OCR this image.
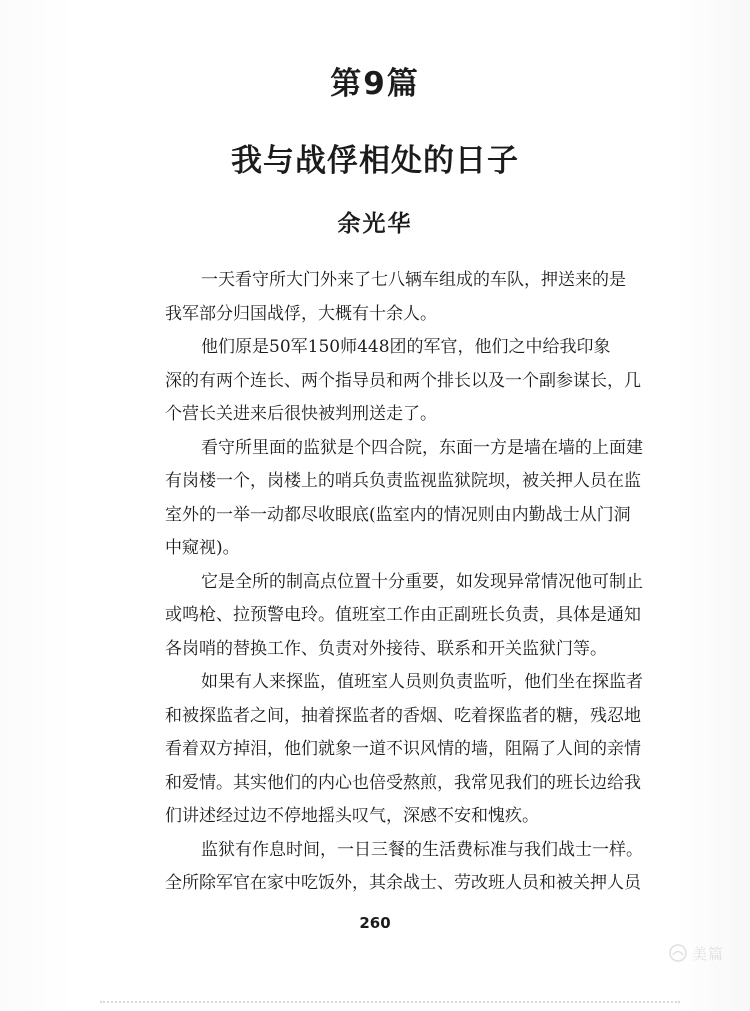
第9篇
我与战俘相处的日子
余光华
一天看守所大门外来了七八辆车组成的车队，押送来的是
我军部分归国战俘，大概有十余人。
他们原是50军150师448团的军官，他们之中给我印象
深的有两个连长、两个指导员和两个排长以及一个副参谋长，几
个营长关进来后很快被判刑送走了。
看守所里面的监狱是个四合院，东面一方是墙在墙的上面建
有岗楼一个，岗楼上的哨兵负责监视监狱院坝，被关押人员在监
室外的一举一动都尽收眼底(监室内的情况则由内勤战士从门洞
中窥视)。
它是全所的制高点位置十分重要，如发现异常情况他可制止
或鸣枪、拉预警电玲。值班室工作由正副班长负责，具体是通知
各岗哨的替换工作、负责对外接待、联系和开关监狱门等。
如果有人来探监，值班室人员则负责监听，他们坐在探监者
和被探监者之间，抽着探监者的香烟、吃着探监者的糖，残忍地
看着双方掉泪，他们就象一道不识风情的墙，阻隔了人间的亲情
和爱情。其实他们的内心也倍受熬煎，我常见我们的班长边给我
们讲述经过边不停地摇头叹气，深感不安和愧疚。
监狱有作息时间，一日三餐的生活费标准与我们战士一样。
全所除军官在家中吃饭外，其余战士、劳改班人员和被关押人员
260
美篇
